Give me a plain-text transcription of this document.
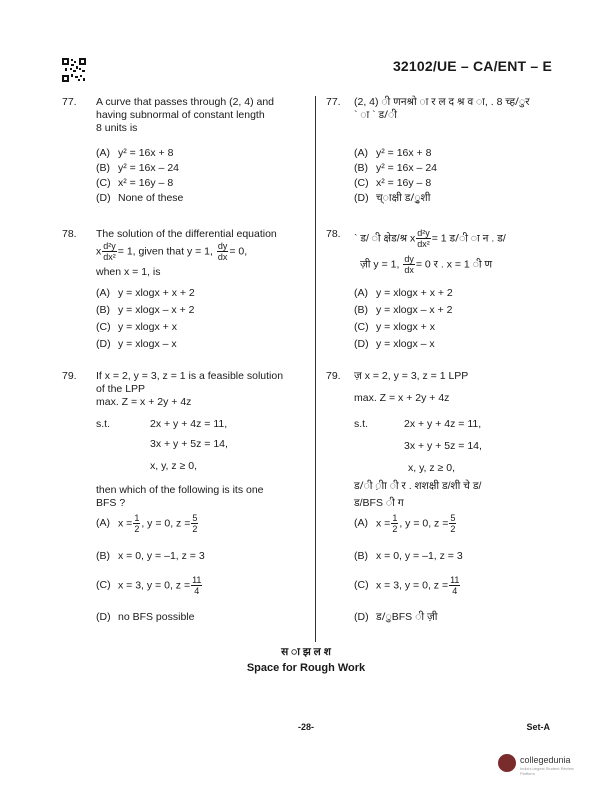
32102/UE – CA/ENT – E
77. A curve that passes through (2, 4) and
having subnormal of constant length
8 units is
(A) y² = 16x + 8
(B) y² = 16x – 24
(C) x² = 16y – 8
(D) None of these
78. The solution of the differential equation
x $\frac{\text{d²y}}{\text{dx²}} = 1$, given that y = 1, $\frac{dy}{dx} = 0$,
when x = 1, is
(A) y = xlogx + x + 2
(B) y = xlogx – x + 2
(C) y = xlogx + x
(D) y = xlogx – x
79. If x = 2, y = 3, z = 1 is a feasible solution
of the LPP
max. Z = x + 2y + 4z
s.t.	2x + y + 4z = 11,
3x + y + 5z = 14,
x, y, z ≥ 0,
then which of the following is its one
BFS ?
(A) $x = \frac{1}{2}$ , y = 0, $z = \frac{5}{2}$
(B) x = 0, y = –1, z = 3
(C) x = 3, y = 0, $z = \frac{11}{4}$
(D) no BFS possible
77. (2, 4) ी णनश्रो ा र ल द श्र व ा, . 8 च्ह/ुर
` ा ` ड/ी
(A) y² = 16x + 8
(B) y² = 16x – 24
(C) x² = 16y – 8
(D) च्ाक्षी ड/ुृशी
78. ` ड/ ी क्षेड/श्र x $\frac{\text{d²y}}{\text{dx²}} = 1$ ड/ी ा न . ड/
ज़ी y = 1, $\frac{dy}{dx} = 0$ र . x = 1 ी ण
(A) y = xlogx + x + 2
(B) y = xlogx – x + 2
(C) y = xlogx + x
(D) y = xlogx – x
79. ज़ x = 2, y = 3, z = 1 LPP
max. Z = x + 2y + 4z
s.t.	2x + y + 4z = 11,
3x + y + 5z = 14,
x, y, z ≥ 0,
ड/ी ़ीा ी र . शशक्षी ड/शी चे ड/
ड/BFS ी ग
(A) $x = \frac{1}{2}$ , y = 0, $z = \frac{5}{2}$
(B) x = 0, y = –1, z = 3
(C) x = 3, y = 0, $z = \frac{11}{4}$
(D) ड/ुBFS ी ज़ी
स ा झ ल श
Space for Rough Work
-28-	Set-A
collegedunia
India's largest Student Review Platform
